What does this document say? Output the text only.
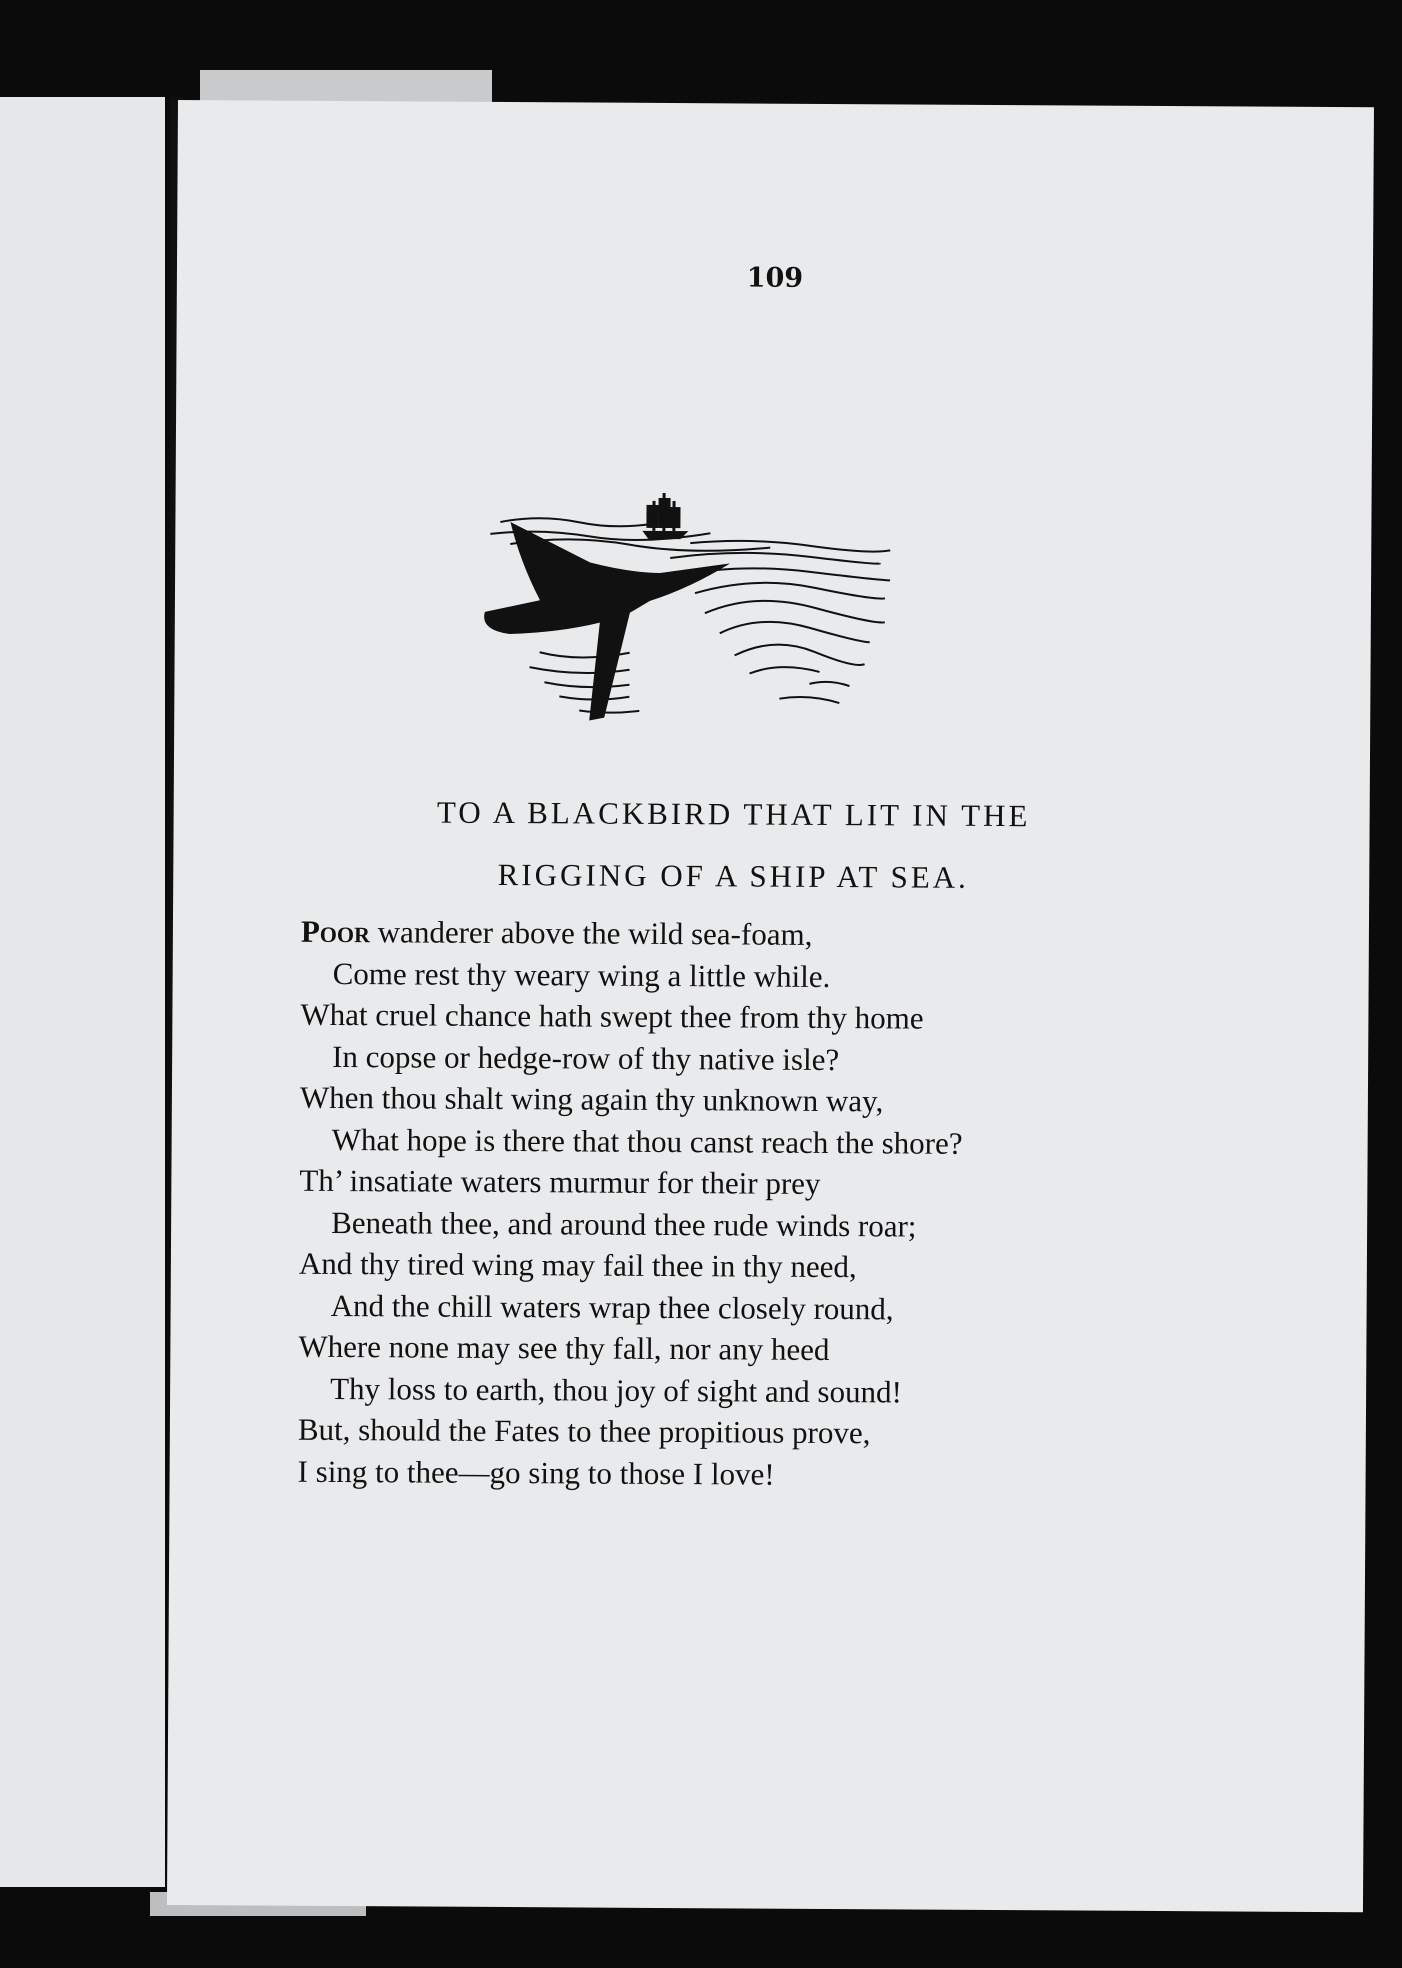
109
TO A BLACKBIRD THAT LIT IN THE
RIGGING OF A SHIP AT SEA.
Poor wanderer above the wild sea-foam,
Come rest thy weary wing a little while.
What cruel chance hath swept thee from thy home
In copse or hedge-row of thy native isle?
When thou shalt wing again thy unknown way,
What hope is there that thou canst reach the shore?
Th’ insatiate waters murmur for their prey
Beneath thee, and around thee rude winds roar;
And thy tired wing may fail thee in thy need,
And the chill waters wrap thee closely round,
Where none may see thy fall, nor any heed
Thy loss to earth, thou joy of sight and sound!
But, should the Fates to thee propitious prove,
I sing to thee—go sing to those I love!
